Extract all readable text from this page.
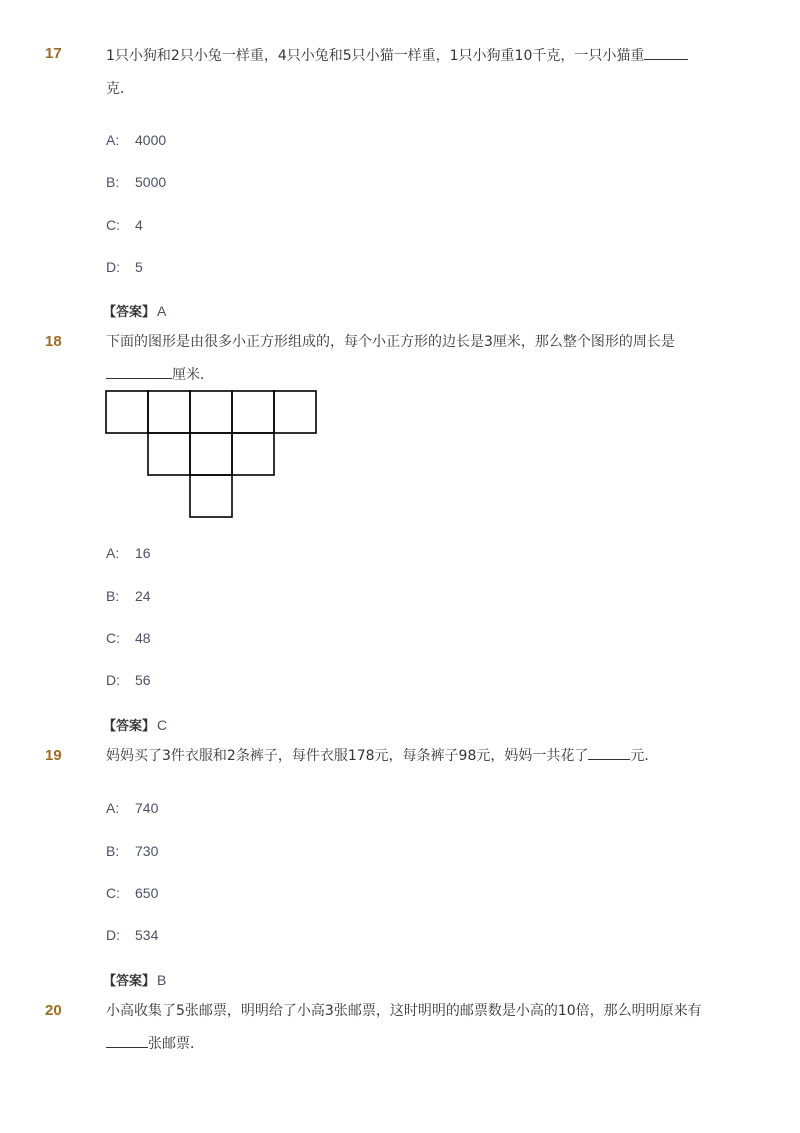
17	1只小狗和2只小兔一样重，4只小兔和5只小猫一样重，1只小狗重10千克，一只小猫重
克．
A: 4000
B: 5000
C: 4
D: 5
【答案】 A
18	下面的图形是由很多小正方形组成的，每个小正方形的边长是3厘米，那么整个图形的周长是
厘米．
A: 16
B: 24
C: 48
D: 56
【答案】 C
19	妈妈买了3件衣服和2条裤子，每件衣服178元，每条裤子98元，妈妈一共花了	元．
A: 740
B: 730
C: 650
D: 534
【答案】 B
20	小高收集了5张邮票，明明给了小高3张邮票，这时明明的邮票数是小高的10倍，那么明明原来有
张邮票．
